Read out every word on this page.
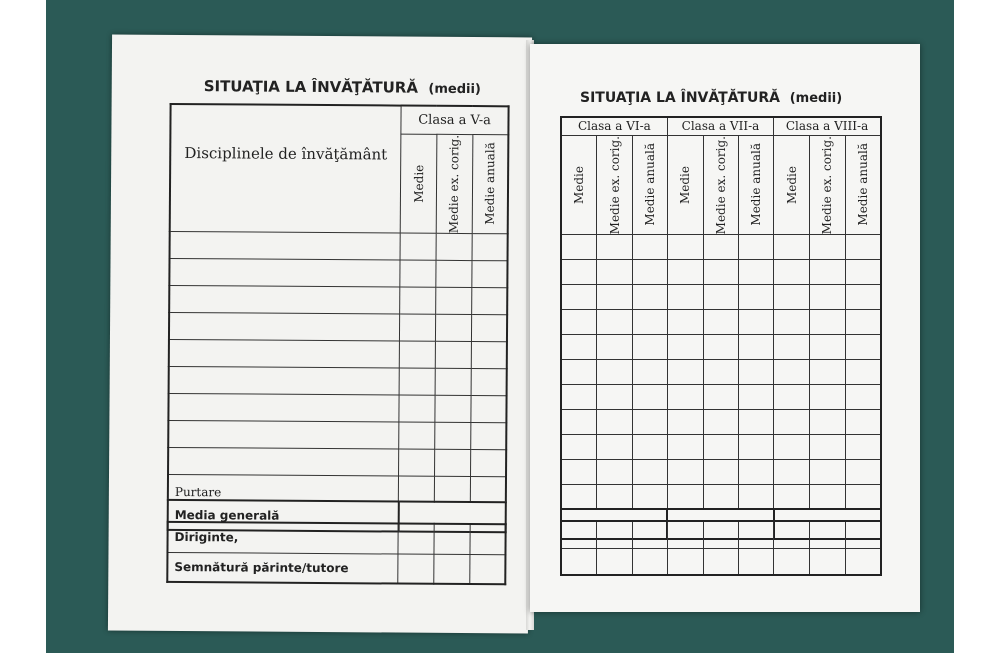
SITUAŢIA LA ÎNVĂŢĂTURĂ (medii)
Disciplinele de învăţământ	Clasa a V-a		

	Medie	Medie ex. corig.	Medie anuală

Purtare			
Media generală			
Diriginte,			
Semnătură părinte/tutore			
SITUAŢIA LA ÎNVĂŢĂTURĂ (medii)
Clasa a VI-a			Clasa a VII-a			Clasa a VIII-a		

Medie	Medie ex. corig.	Medie anuală	Medie	Medie ex. corig.	Medie anuală	Medie	Medie ex. corig.	Medie anuală
